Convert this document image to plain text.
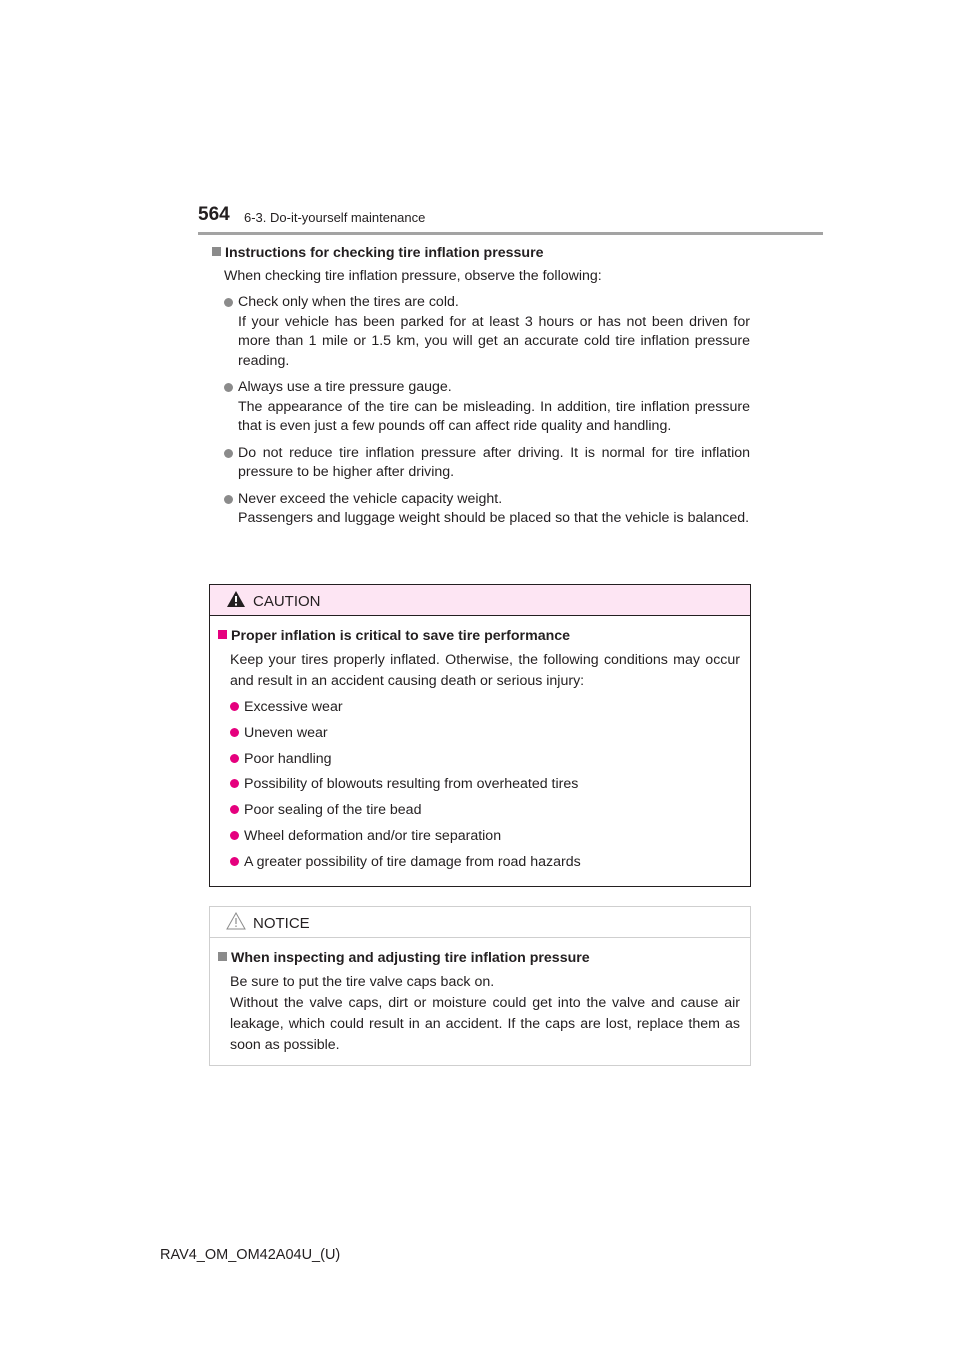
564 6-3. Do-it-yourself maintenance
Instructions for checking tire inflation pressure
When checking tire inflation pressure, observe the following:
Check only when the tires are cold.
If your vehicle has been parked for at least 3 hours or has not been driven for more than 1 mile or 1.5 km, you will get an accurate cold tire inflation pressure reading.
Always use a tire pressure gauge.
The appearance of the tire can be misleading. In addition, tire inflation pressure that is even just a few pounds off can affect ride quality and handling.
Do not reduce tire inflation pressure after driving. It is normal for tire inflation pressure to be higher after driving.
Never exceed the vehicle capacity weight.
Passengers and luggage weight should be placed so that the vehicle is balanced.
CAUTION
Proper inflation is critical to save tire performance
Keep your tires properly inflated. Otherwise, the following conditions may occur and result in an accident causing death or serious injury:
Excessive wear
Uneven wear
Poor handling
Possibility of blowouts resulting from overheated tires
Poor sealing of the tire bead
Wheel deformation and/or tire separation
A greater possibility of tire damage from road hazards
NOTICE
When inspecting and adjusting tire inflation pressure
Be sure to put the tire valve caps back on.
Without the valve caps, dirt or moisture could get into the valve and cause air leakage, which could result in an accident. If the caps are lost, replace them as soon as possible.
RAV4_OM_OM42A04U_(U)
